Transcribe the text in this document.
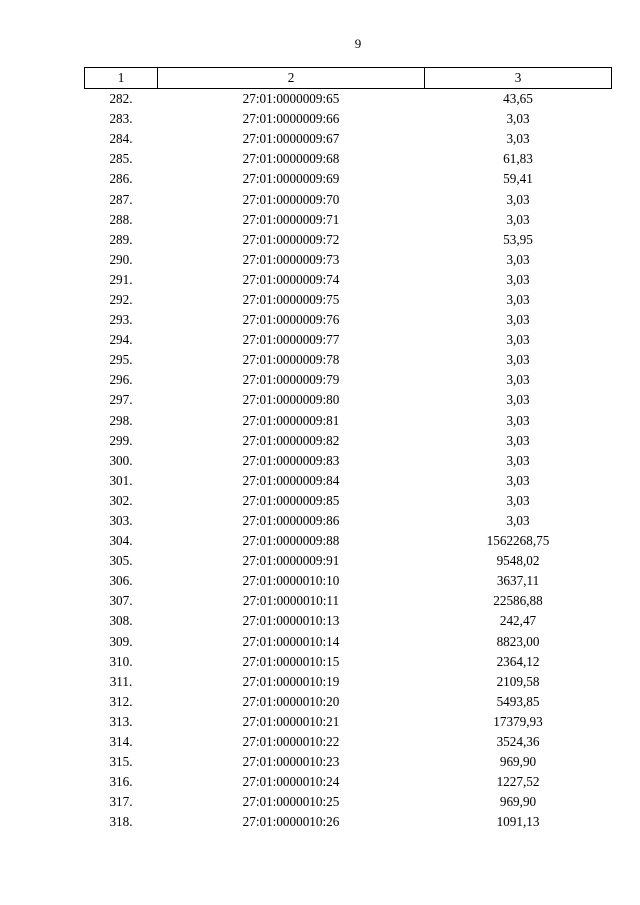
9
1	2	3
282.	27:01:0000009:65	43,65
283.	27:01:0000009:66	3,03
284.	27:01:0000009:67	3,03
285.	27:01:0000009:68	61,83
286.	27:01:0000009:69	59,41
287.	27:01:0000009:70	3,03
288.	27:01:0000009:71	3,03
289.	27:01:0000009:72	53,95
290.	27:01:0000009:73	3,03
291.	27:01:0000009:74	3,03
292.	27:01:0000009:75	3,03
293.	27:01:0000009:76	3,03
294.	27:01:0000009:77	3,03
295.	27:01:0000009:78	3,03
296.	27:01:0000009:79	3,03
297.	27:01:0000009:80	3,03
298.	27:01:0000009:81	3,03
299.	27:01:0000009:82	3,03
300.	27:01:0000009:83	3,03
301.	27:01:0000009:84	3,03
302.	27:01:0000009:85	3,03
303.	27:01:0000009:86	3,03
304.	27:01:0000009:88	1562268,75
305.	27:01:0000009:91	9548,02
306.	27:01:0000010:10	3637,11
307.	27:01:0000010:11	22586,88
308.	27:01:0000010:13	242,47
309.	27:01:0000010:14	8823,00
310.	27:01:0000010:15	2364,12
311.	27:01:0000010:19	2109,58
312.	27:01:0000010:20	5493,85
313.	27:01:0000010:21	17379,93
314.	27:01:0000010:22	3524,36
315.	27:01:0000010:23	969,90
316.	27:01:0000010:24	1227,52
317.	27:01:0000010:25	969,90
318.	27:01:0000010:26	1091,13
